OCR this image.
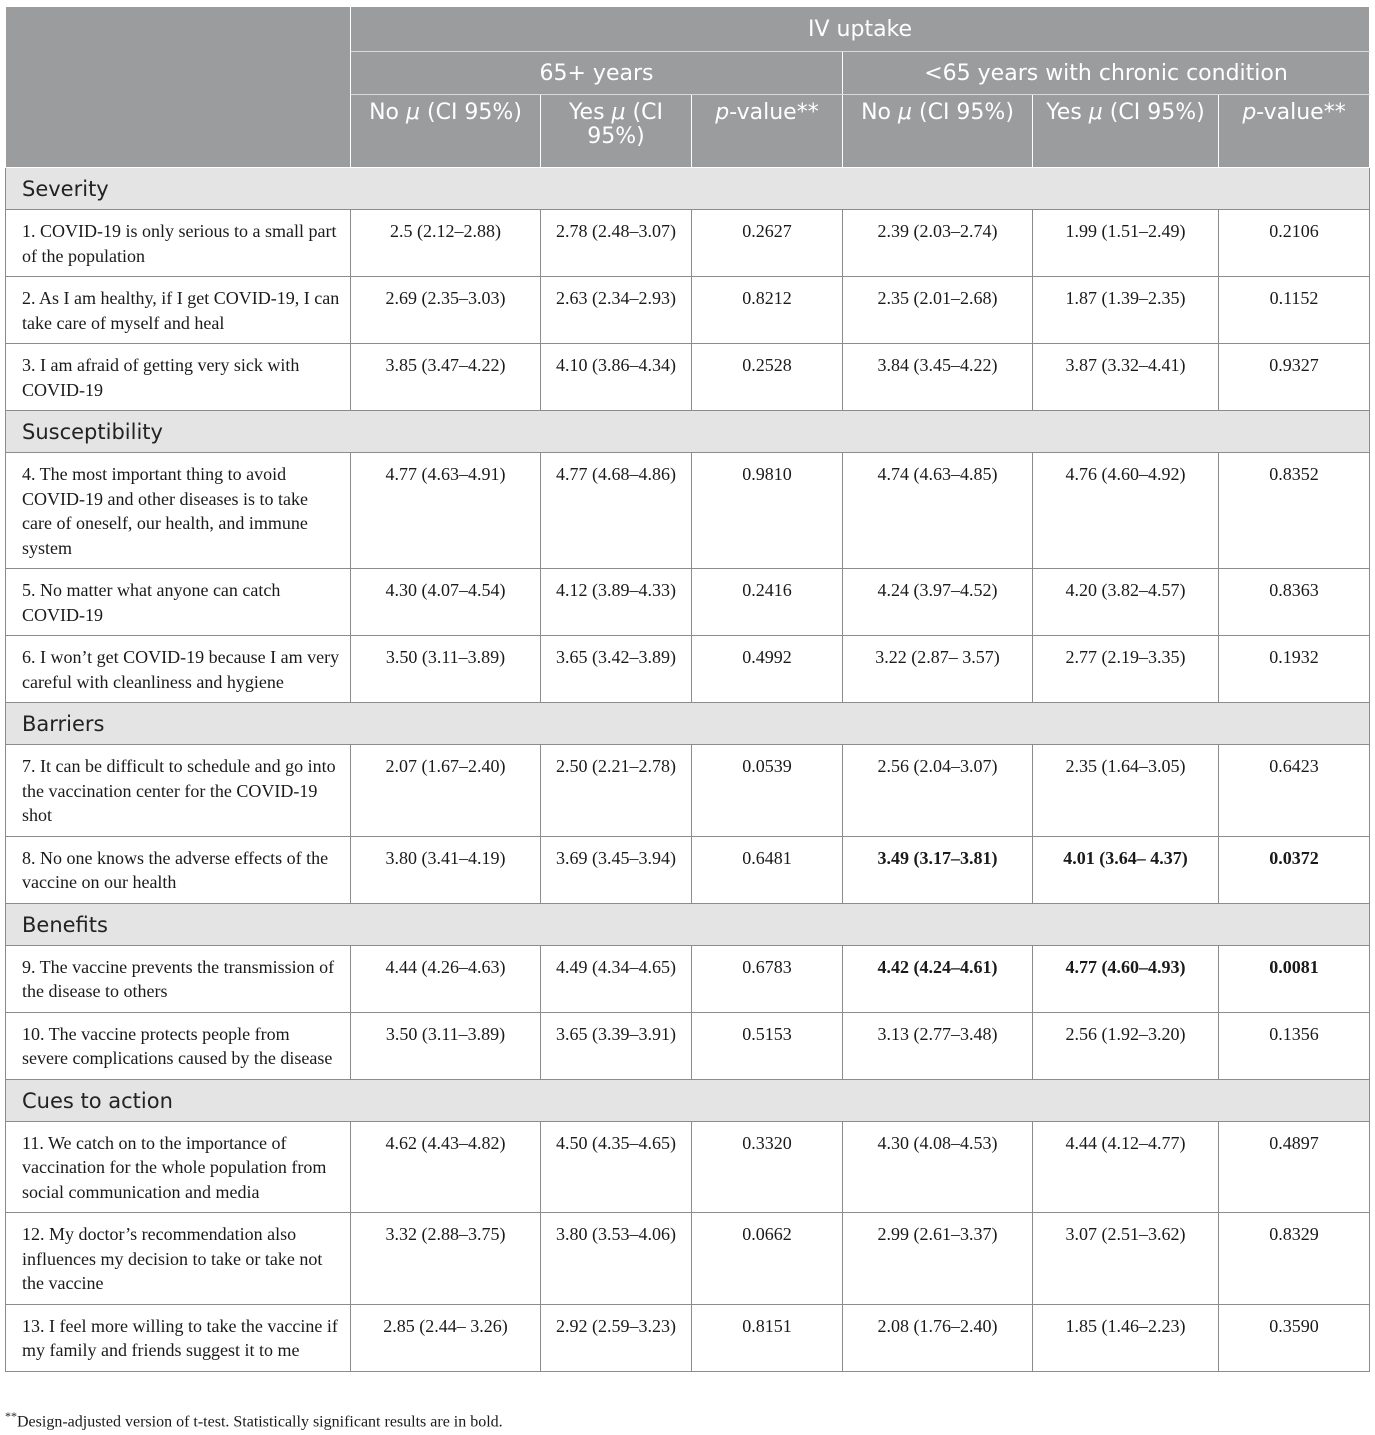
	IV uptake					
	65+ years			<65 years with chronic condition		
	No μ (CI 95%)	Yes μ (CI 95%)	p-value**	No μ (CI 95%)	Yes μ (CI 95%)	p-value**
Severity						
1. COVID-19 is only serious to a small part of the population	2.5 (2.12–2.88)	2.78 (2.48–3.07)	0.2627	2.39 (2.03–2.74)	1.99 (1.51–2.49)	0.2106
2. As I am healthy, if I get COVID-19, I can take care of myself and heal	2.69 (2.35–3.03)	2.63 (2.34–2.93)	0.8212	2.35 (2.01–2.68)	1.87 (1.39–2.35)	0.1152
3. I am afraid of getting very sick with COVID-19	3.85 (3.47–4.22)	4.10 (3.86–4.34)	0.2528	3.84 (3.45–4.22)	3.87 (3.32–4.41)	0.9327
Susceptibility						
4. The most important thing to avoid COVID-19 and other diseases is to take care of oneself, our health, and immune system	4.77 (4.63–4.91)	4.77 (4.68–4.86)	0.9810	4.74 (4.63–4.85)	4.76 (4.60–4.92)	0.8352
5. No matter what anyone can catch COVID-19	4.30 (4.07–4.54)	4.12 (3.89–4.33)	0.2416	4.24 (3.97–4.52)	4.20 (3.82–4.57)	0.8363
6. I won’t get COVID-19 because I am very careful with cleanliness and hygiene	3.50 (3.11–3.89)	3.65 (3.42–3.89)	0.4992	3.22 (2.87– 3.57)	2.77 (2.19–3.35)	0.1932
Barriers						
7. It can be difficult to schedule and go into the vaccination center for the COVID-19 shot	2.07 (1.67–2.40)	2.50 (2.21–2.78)	0.0539	2.56 (2.04–3.07)	2.35 (1.64–3.05)	0.6423
8. No one knows the adverse effects of the vaccine on our health	3.80 (3.41–4.19)	3.69 (3.45–3.94)	0.6481	3.49 (3.17–3.81)	4.01 (3.64– 4.37)	0.0372
Benefits						
9. The vaccine prevents the transmission of the disease to others	4.44 (4.26–4.63)	4.49 (4.34–4.65)	0.6783	4.42 (4.24–4.61)	4.77 (4.60–4.93)	0.0081
10. The vaccine protects people from severe complications caused by the disease	3.50 (3.11–3.89)	3.65 (3.39–3.91)	0.5153	3.13 (2.77–3.48)	2.56 (1.92–3.20)	0.1356
Cues to action						
11. We catch on to the importance of vaccination for the whole population from social communication and media	4.62 (4.43–4.82)	4.50 (4.35–4.65)	0.3320	4.30 (4.08–4.53)	4.44 (4.12–4.77)	0.4897
12. My doctor’s recommendation also influences my decision to take or take not the vaccine	3.32 (2.88–3.75)	3.80 (3.53–4.06)	0.0662	2.99 (2.61–3.37)	3.07 (2.51–3.62)	0.8329
13. I feel more willing to take the vaccine if my family and friends suggest it to me	2.85 (2.44– 3.26)	2.92 (2.59–3.23)	0.8151	2.08 (1.76–2.40)	1.85 (1.46–2.23)	0.3590
**Design-adjusted version of t-test. Statistically significant results are in bold.
